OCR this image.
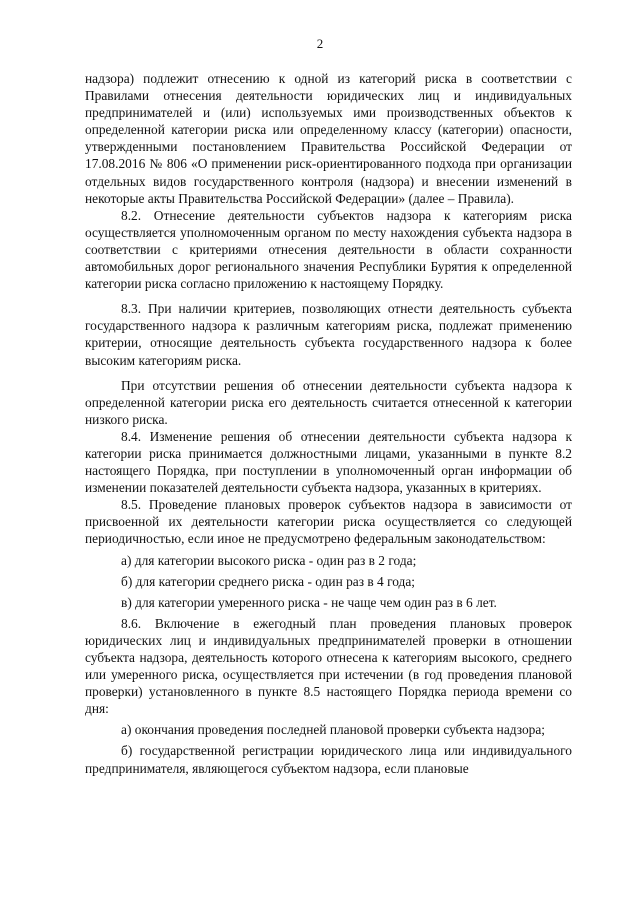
2

надзора) подлежит отнесению к одной из категорий риска в соответствии с Правилами отнесения деятельности юридических лиц и индивидуальных предпринимателей и (или) используемых ими производственных объектов к определенной категории риска или определенному классу (категории) опасности, утвержденными постановлением Правительства Российской Федерации от 17.08.2016 № 806 «О применении риск-ориентированного подхода при организации отдельных видов государственного контроля (надзора) и внесении изменений в некоторые акты Правительства Российской Федерации» (далее – Правила).

8.2. Отнесение деятельности субъектов надзора к категориям риска осуществляется уполномоченным органом по месту нахождения субъекта надзора в соответствии с критериями отнесения деятельности в области сохранности автомобильных дорог регионального значения Республики Бурятия к определенной категории риска согласно приложению к настоящему Порядку.

8.3. При наличии критериев, позволяющих отнести деятельность субъекта государственного надзора к различным категориям риска, подлежат применению критерии, относящие деятельность субъекта государственного надзора к более высоким категориям риска.

При отсутствии решения об отнесении деятельности субъекта надзора к определенной категории риска его деятельность считается отнесенной к категории низкого риска.

8.4. Изменение решения об отнесении деятельности субъекта надзора к категории риска принимается должностными лицами, указанными в пункте 8.2 настоящего Порядка, при поступлении в уполномоченный орган информации об изменении показателей деятельности субъекта надзора, указанных в критериях.

8.5. Проведение плановых проверок субъектов надзора в зависимости от присвоенной их деятельности категории риска осуществляется со следующей периодичностью, если иное не предусмотрено федеральным законодательством:

а) для категории высокого риска - один раз в 2 года;

б) для категории среднего риска - один раз в 4 года;

в) для категории умеренного риска - не чаще чем один раз в 6 лет.

8.6. Включение в ежегодный план проведения плановых проверок юридических лиц и индивидуальных предпринимателей проверки в отношении субъекта надзора, деятельность которого отнесена к категориям высокого, среднего или умеренного риска, осуществляется при истечении (в год проведения плановой проверки) установленного в пункте 8.5 настоящего Порядка периода времени со дня:

а) окончания проведения последней плановой проверки субъекта надзора;

б) государственной регистрации юридического лица или индивидуального предпринимателя, являющегося субъектом надзора, если плановые
